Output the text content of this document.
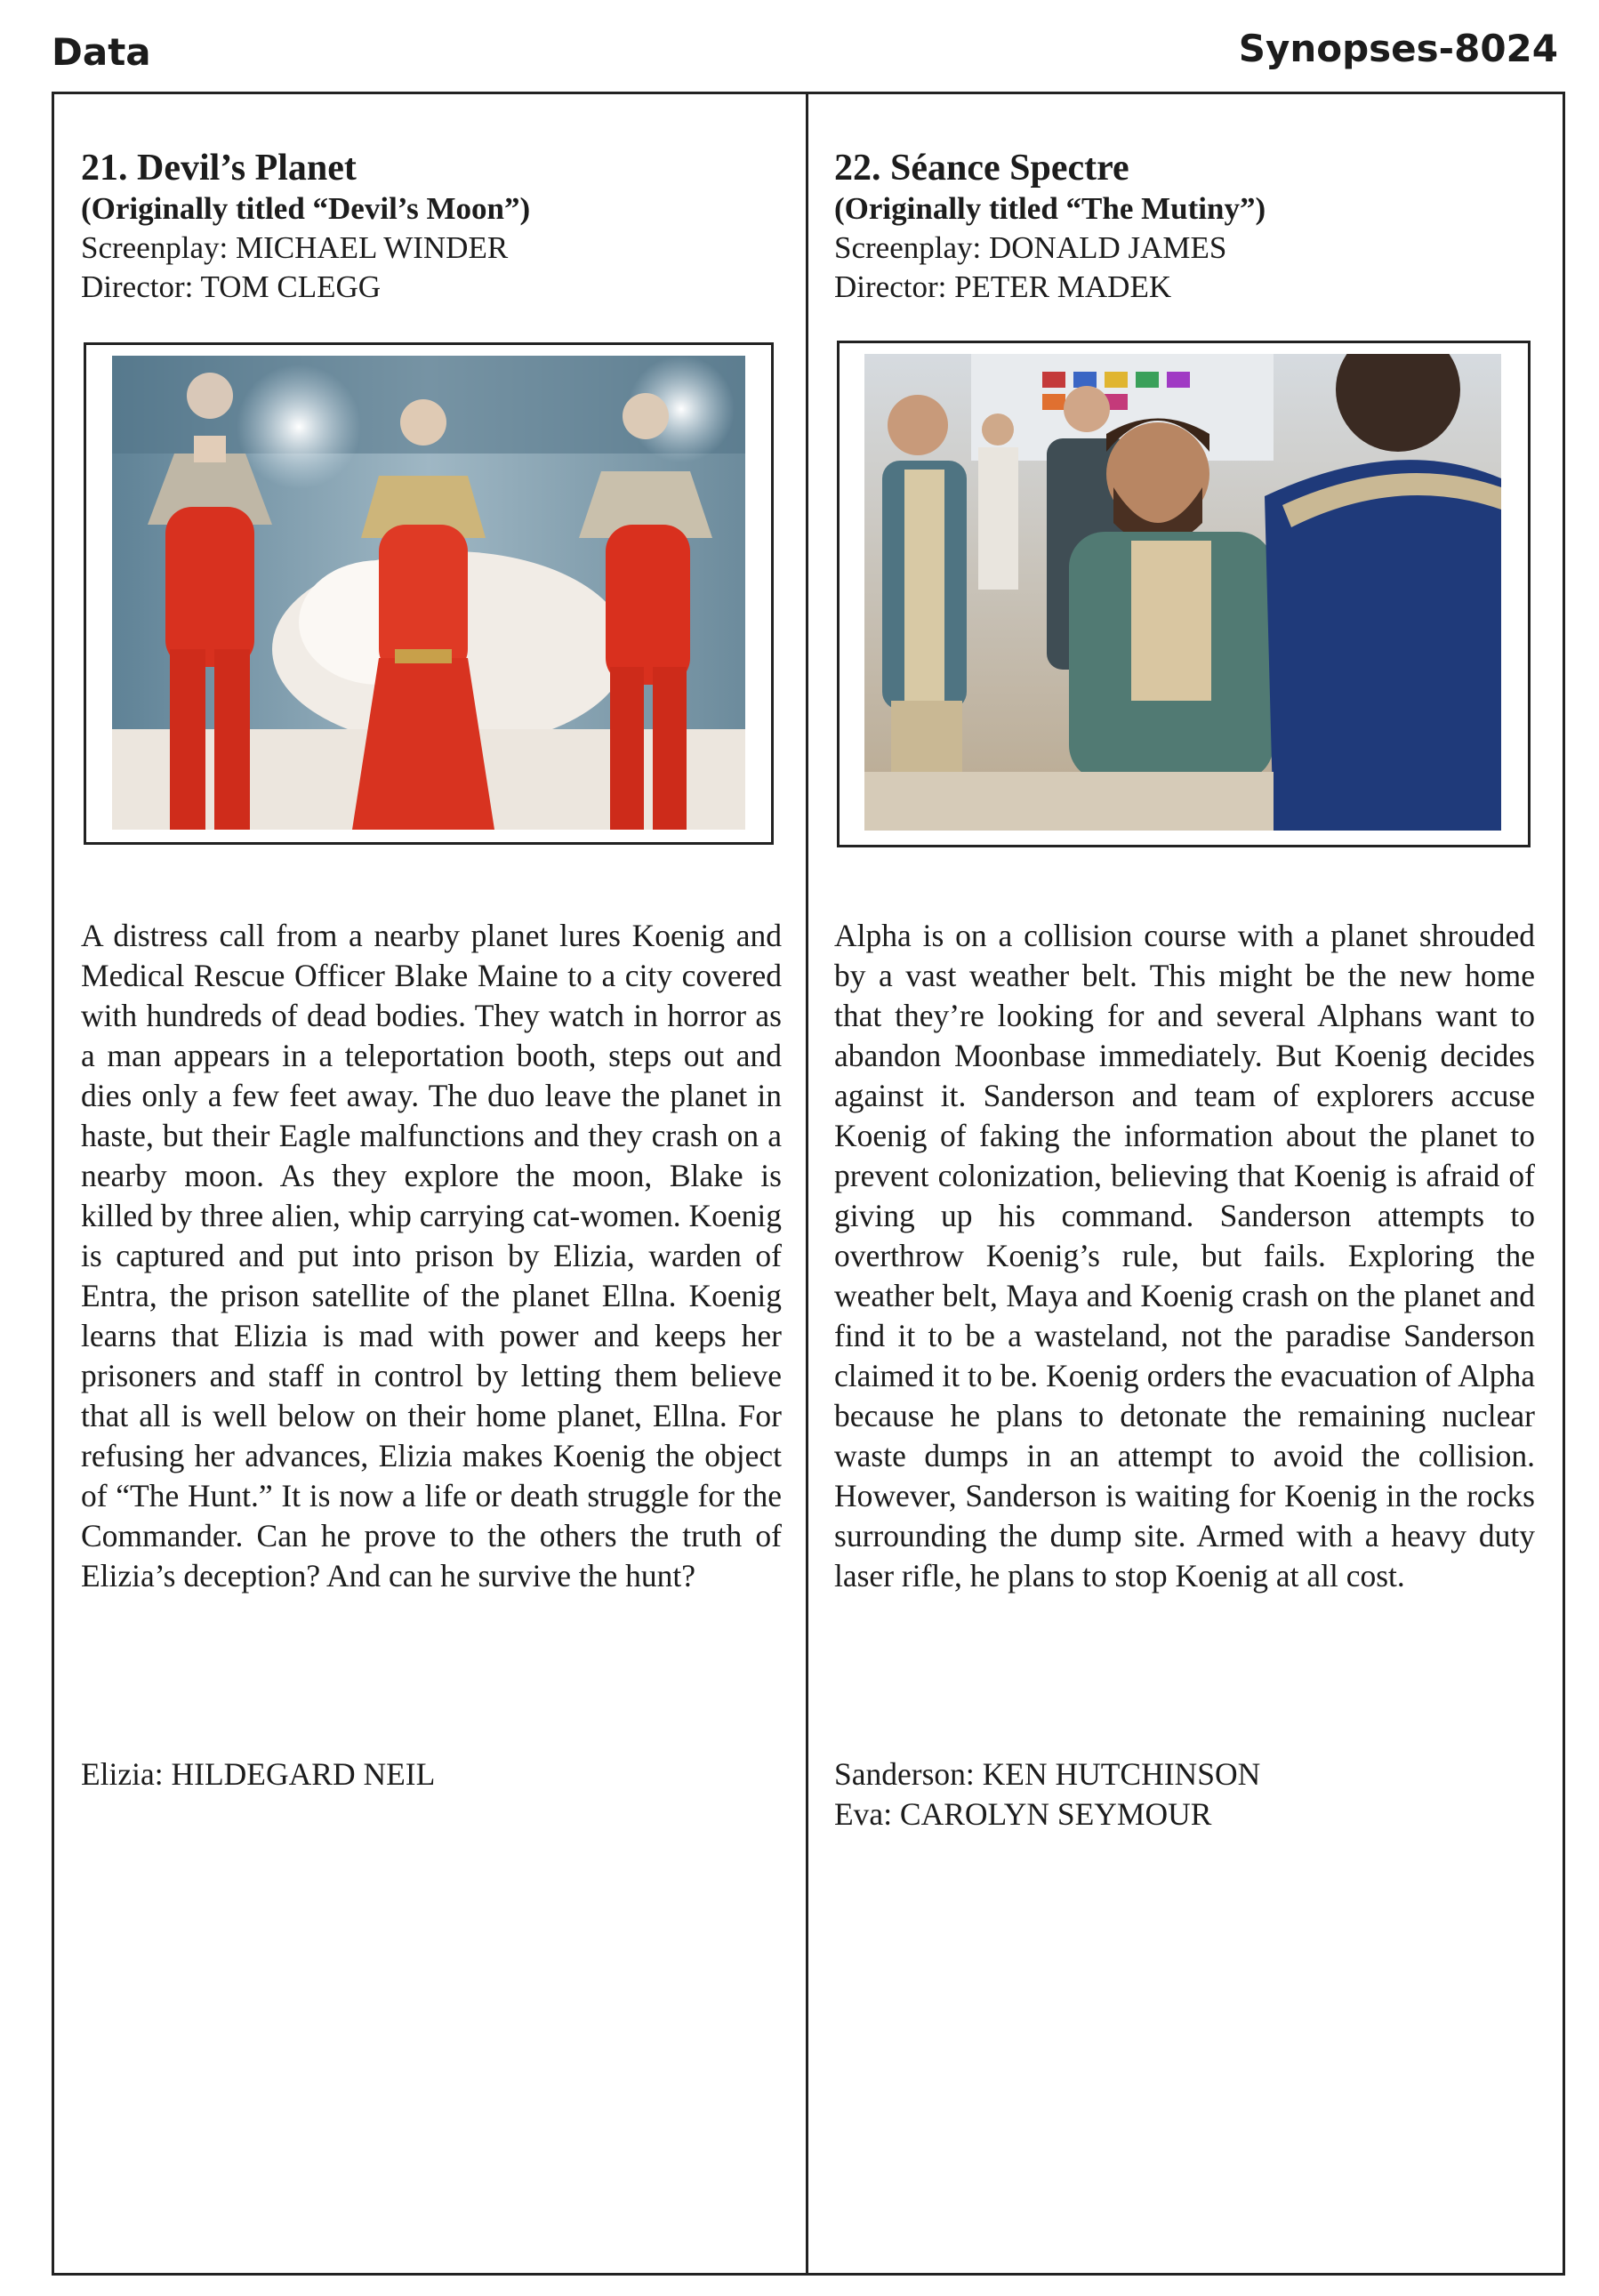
Data	Synopses-8024

21. Devil’s Planet

(Originally titled “Devil’s Moon”)

Screenplay: MICHAEL WINDER

Director: TOM CLEGG

A distress call from a nearby planet lures Koenig and Medical Rescue Officer Blake Maine to a city covered with hundreds of dead bodies. They watch in horror as a man appears in a teleportation booth, steps out and dies only a few feet away. The duo leave the planet in haste, but their Eagle malfunctions and they crash on a nearby moon. As they explore the moon, Blake is killed by three alien, whip carrying cat-women. Koenig is captured and put into prison by Elizia, warden of Entra, the prison satellite of the planet Ellna. Koenig learns that Elizia is mad with power and keeps her prisoners and staff in control by letting them believe that all is well below on their home planet, Ellna. For refusing her advances, Elizia makes Koenig the object of “The Hunt.” It is now a life or death struggle for the Commander. Can he prove to the others the truth of Elizia’s deception? And can he survive the hunt?

Elizia: HILDEGARD NEIL

22. Séance Spectre

(Originally titled “The Mutiny”)

Screenplay: DONALD JAMES

Director: PETER MADEK

Alpha is on a collision course with a planet shrouded by a vast weather belt. This might be the new home that they’re looking for and several Alphans want to abandon Moonbase immediately. But Koenig decides against it. Sanderson and team of explorers accuse Koenig of faking the information about the planet to prevent colonization, believing that Koenig is afraid of giving up his command. Sanderson attempts to overthrow Koenig’s rule, but fails. Exploring the weather belt, Maya and Koenig crash on the planet and find it to be a wasteland, not the paradise Sanderson claimed it to be. Koenig orders the evacuation of Alpha because he plans to detonate the remaining nuclear waste dumps in an attempt to avoid the collision. However, Sanderson is waiting for Koenig in the rocks surrounding the dump site. Armed with a heavy duty laser rifle, he plans to stop Koenig at all cost.

Sanderson: KEN HUTCHINSON
Eva: CAROLYN SEYMOUR
